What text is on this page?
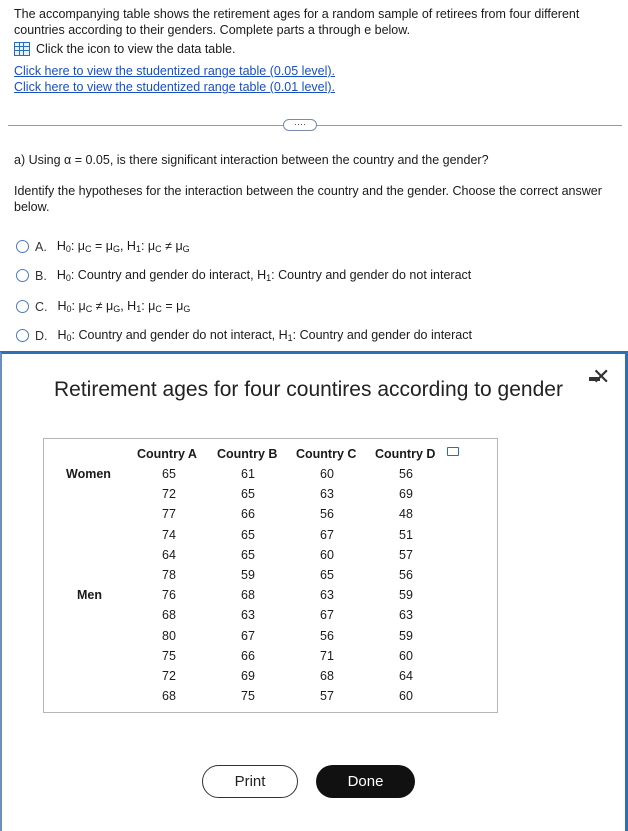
The accompanying table shows the retirement ages for a random sample of retirees from four different countries according to their genders. Complete parts a through e below.
Click the icon to view the data table.
Click here to view the studentized range table (0.05 level).
Click here to view the studentized range table (0.01 level).
····
a) Using α = 0.05, is there significant interaction between the country and the gender?
Identify the hypotheses for the interaction between the country and the gender. Choose the correct answer below.
A. $H_0$: $\mu_C = \mu_G$, $H_1$: $\mu_C \ne \mu_G$
B. $H_0$: Country and gender do interact, $H_1$: Country and gender do not interact
C. $H_0$: $\mu_C \ne \mu_G$, $H_1$: $\mu_C = \mu_G$
D. $H_0$: Country and gender do not interact, $H_1$: Country and gender do interact
Retirement ages for four countires according to gender
✕
Country A	Country B	Country C	Country D
Women	65	61	60	56
72	65	63	69
77	66	56	48
74	65	67	51
64	65	60	57
78	59	65	56
Men	76	68	63	59
68	63	67	63
80	67	56	59
75	66	71	60
72	69	68	64
68	75	57	60
Print	Done
